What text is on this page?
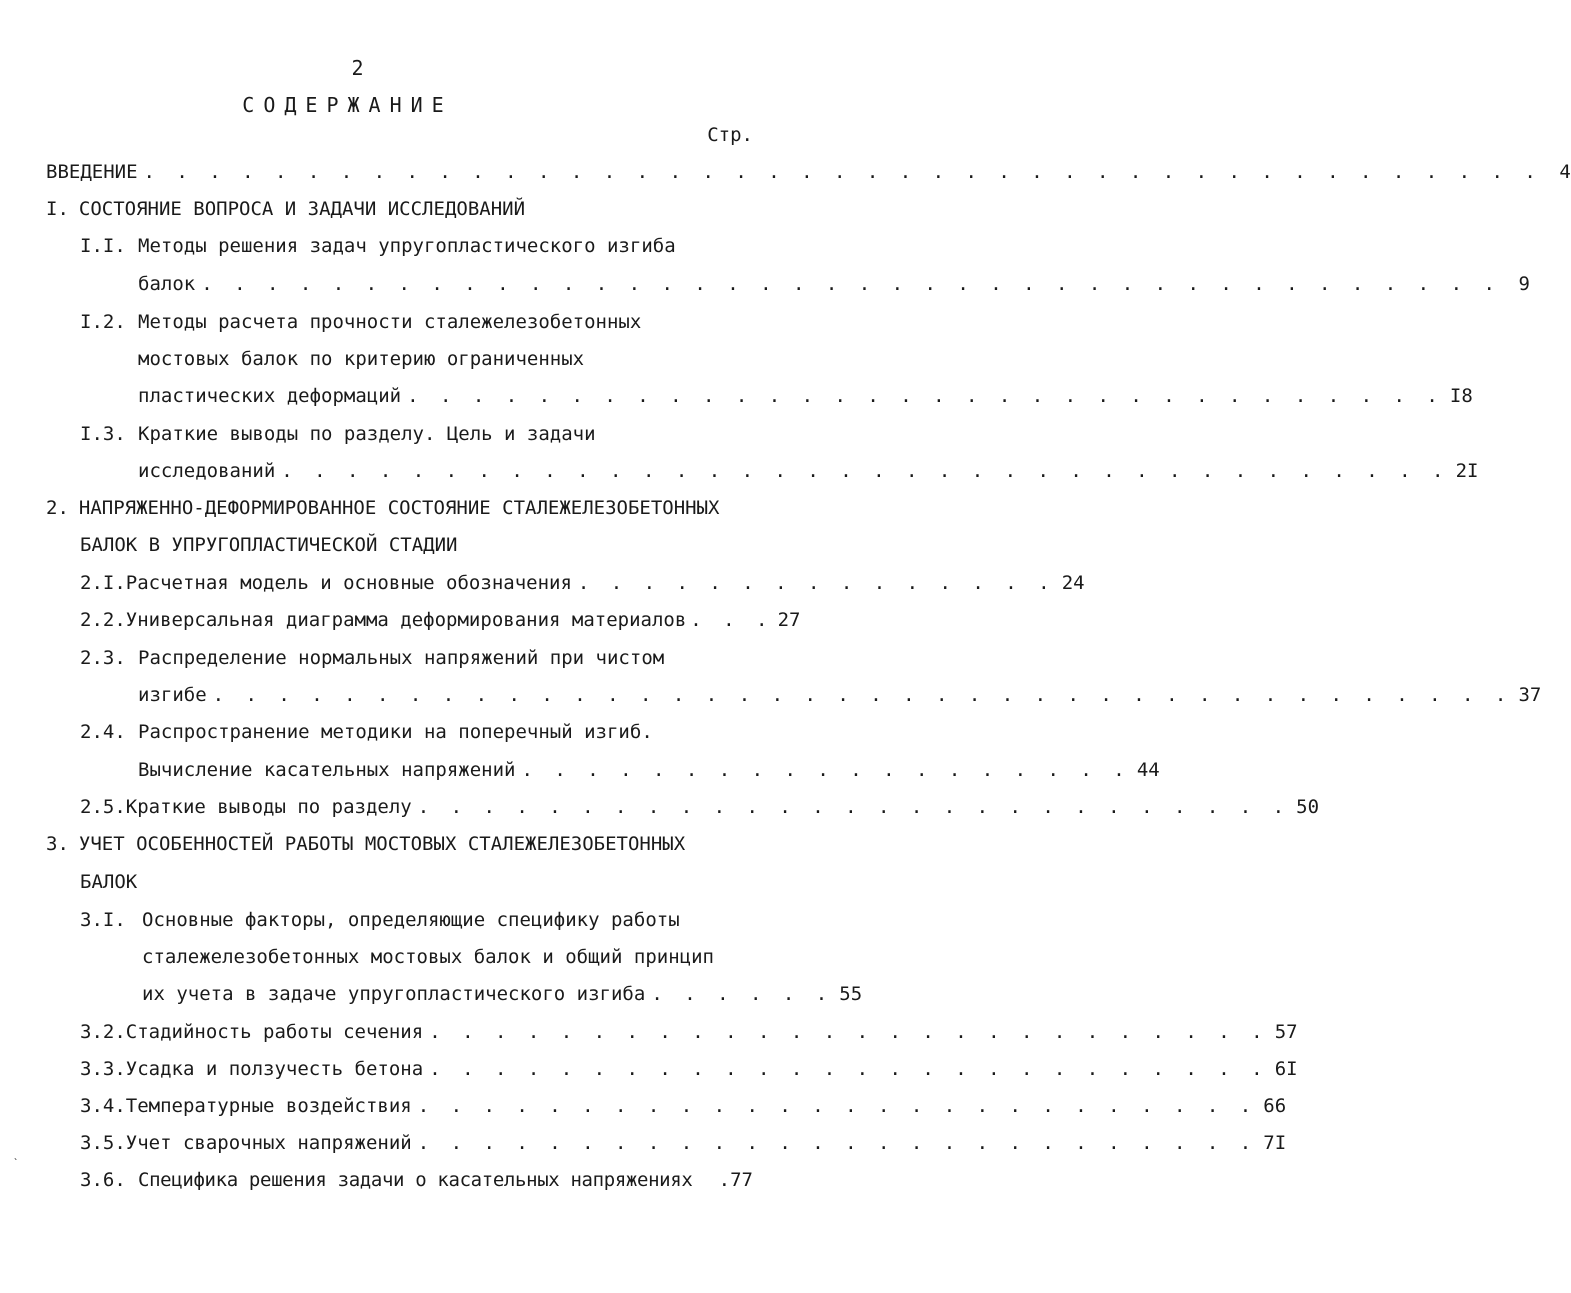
2
СОДЕРЖАНИЕ
Стр.
ВВЕДЕНИЕ . . . . . . . . . . . . . . . . . . . . . . . . . . . . . . . . . . . . . . . . . . . 4
I. СОСТОЯНИЕ ВОПРОСА И ЗАДАЧИ ИССЛЕДОВАНИЙ
I.I. Методы решения задач упругопластического изгиба
балок . . . . . . . . . . . . . . . . . . . . . . . . . . . . . . . . . . . . . . . . 9
I.2. Методы расчета прочности сталежелезобетонных
мостовых балок по критерию ограниченных
пластических деформаций . . . . . . . . . . . . . . . . . . . . . . . . . . . . . . . . I8
I.3. Краткие выводы по разделу. Цель и задачи
исследований . . . . . . . . . . . . . . . . . . . . . . . . . . . . . . . . . . . . 2I
2. НАПРЯЖЕННО-ДЕФОРМИРОВАННОЕ СОСТОЯНИЕ СТАЛЕЖЕЛЕЗОБЕТОННЫХ
БАЛОК В УПРУГОПЛАСТИЧЕСКОЙ СТАДИИ
2.I. Расчетная модель и основные обозначения . . . . . . . . . . . . . . . 24
2.2. Универсальная диаграмма деформирования материалов . . . 27
2.3. Распределение нормальных напряжений при чистом
изгибе . . . . . . . . . . . . . . . . . . . . . . . . . . . . . . . . . . . . . . . . 37
2.4. Распространение методики на поперечный изгиб.
Вычисление касательных напряжений . . . . . . . . . . . . . . . . . . . 44
2.5. Краткие выводы по разделу . . . . . . . . . . . . . . . . . . . . . . . . . . . 50
3. УЧЕТ ОСОБЕННОСТЕЙ РАБОТЫ МОСТОВЫХ СТАЛЕЖЕЛЕЗОБЕТОННЫХ
БАЛОК
3.I. Основные факторы, определяющие специфику работы
сталежелезобетонных мостовых балок и общий принцип
их учета в задаче упругопластического изгиба . . . . . . 55
3.2. Стадийность работы сечения . . . . . . . . . . . . . . . . . . . . . . . . . . 57
3.3. Усадка и ползучесть бетона . . . . . . . . . . . . . . . . . . . . . . . . . . 6I
3.4. Температурные воздействия . . . . . . . . . . . . . . . . . . . . . . . . . . 66
3.5. Учет сварочных напряжений . . . . . . . . . . . . . . . . . . . . . . . . . . 7I
3.6. Специфика решения задачи о касательных напряжениях .77
`
